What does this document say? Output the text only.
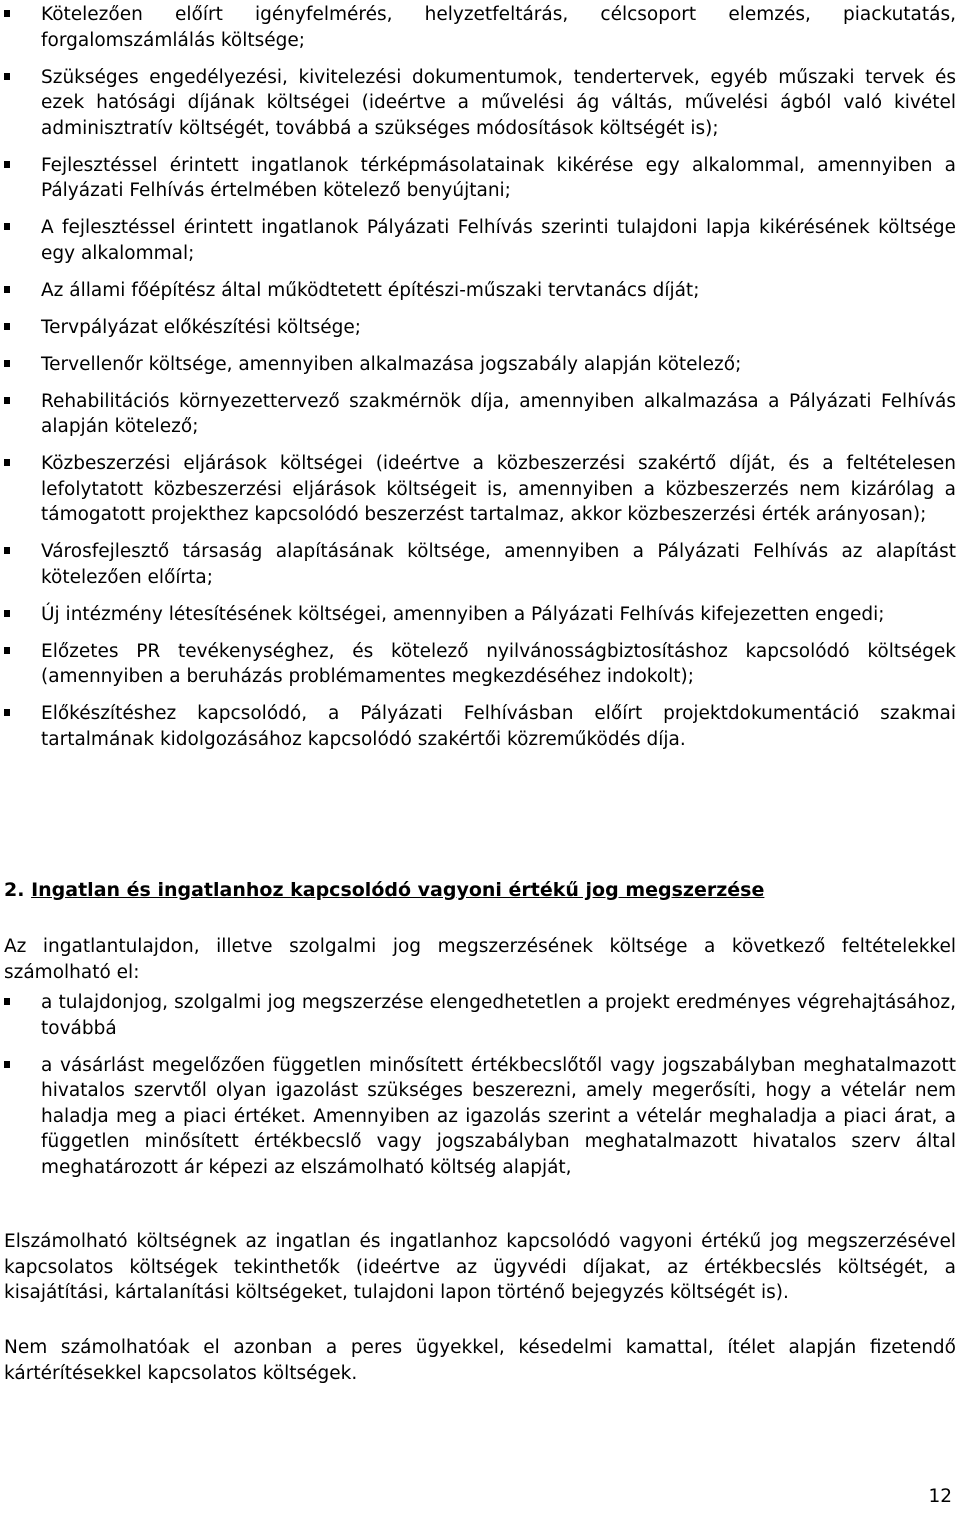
Kötelezően előírt igényfelmérés, helyzetfeltárás, célcsoport elemzés, piackutatás, forgalomszámlálás költsége;
Szükséges engedélyezési, kivitelezési dokumentumok, tendertervek, egyéb műszaki tervek és ezek hatósági díjának költségei (ideértve a művelési ág váltás, művelési ágból való kivétel adminisztratív költségét, továbbá a szükséges módosítások költségét is);
Fejlesztéssel érintett ingatlanok térképmásolatainak kikérése egy alkalommal, amennyiben a Pályázati Felhívás értelmében kötelező benyújtani;
A fejlesztéssel érintett ingatlanok Pályázati Felhívás szerinti tulajdoni lapja kikérésének költsége egy alkalommal;
Az állami főépítész által működtetett építészi-műszaki tervtanács díját;
Tervpályázat előkészítési költsége;
Tervellenőr költsége, amennyiben alkalmazása jogszabály alapján kötelező;
Rehabilitációs környezettervező szakmérnök díja, amennyiben alkalmazása a Pályázati Felhívás alapján kötelező;
Közbeszerzési eljárások költségei (ideértve a közbeszerzési szakértő díját, és a feltételesen lefolytatott közbeszerzési eljárások költségeit is, amennyiben a közbeszerzés nem kizárólag a támogatott projekthez kapcsolódó beszerzést tartalmaz, akkor közbeszerzési érték arányosan);
Városfejlesztő társaság alapításának költsége, amennyiben a Pályázati Felhívás az alapítást kötelezően előírta;
Új intézmény létesítésének költségei, amennyiben a Pályázati Felhívás kifejezetten engedi;
Előzetes PR tevékenységhez, és kötelező nyilvánosságbiztosításhoz kapcsolódó költségek (amennyiben a beruházás problémamentes megkezdéséhez indokolt);
Előkészítéshez kapcsolódó, a Pályázati Felhívásban előírt projektdokumentáció szakmai tartalmának kidolgozásához kapcsolódó szakértői közreműködés díja.
2. Ingatlan és ingatlanhoz kapcsolódó vagyoni értékű jog megszerzése

Az ingatlantulajdon, illetve szolgalmi jog megszerzésének költsége a következő feltételekkel számolható el:

a tulajdonjog, szolgalmi jog megszerzése elengedhetetlen a projekt eredményes végrehajtásához, továbbá
a vásárlást megelőzően független minősített értékbecslőtől vagy jogszabályban meghatalmazott hivatalos szervtől olyan igazolást szükséges beszerezni, amely megerősíti, hogy a vételár nem haladja meg a piaci értéket. Amennyiben az igazolás szerint a vételár meghaladja a piaci árat, a független minősített értékbecslő vagy jogszabályban meghatalmazott hivatalos szerv által meghatározott ár képezi az elszámolható költség alapját,

Elszámolható költségnek az ingatlan és ingatlanhoz kapcsolódó vagyoni értékű jog megszerzésével kapcsolatos költségek tekinthetők (ideértve az ügyvédi díjakat, az értékbecslés költségét, a kisajátítási, kártalanítási költségeket, tulajdoni lapon történő bejegyzés költségét is).

Nem számolhatóak el azonban a peres ügyekkel, késedelmi kamattal, ítélet alapján fizetendő kártérítésekkel kapcsolatos költségek.

12
